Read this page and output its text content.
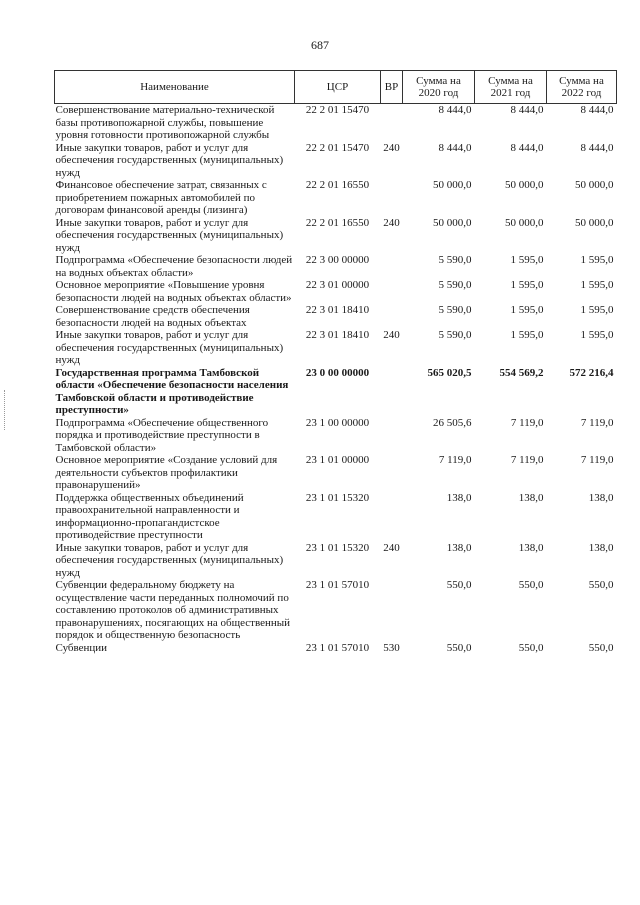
687
Наименование	ЦСР	ВР	Сумма на 2020 год	Сумма на 2021 год	Сумма на 2022 год
Совершенствование материально-технической базы противопожарной службы, повышение уровня готовности противопожарной службы	22 2 01 15470		8 444,0	8 444,0	8 444,0
Иные закупки товаров, работ и услуг для обеспечения государственных (муниципальных) нужд	22 2 01 15470	240	8 444,0	8 444,0	8 444,0
Финансовое обеспечение затрат, связанных с приобретением пожарных автомобилей по договорам финансовой аренды (лизинга)	22 2 01 16550		50 000,0	50 000,0	50 000,0
Иные закупки товаров, работ и услуг для обеспечения государственных (муниципальных) нужд	22 2 01 16550	240	50 000,0	50 000,0	50 000,0
Подпрограмма «Обеспечение безопасности людей на водных объектах области»	22 3 00 00000		5 590,0	1 595,0	1 595,0
Основное мероприятие «Повышение уровня безопасности людей на водных объектах области»	22 3 01 00000		5 590,0	1 595,0	1 595,0
Совершенствование средств обеспечения безопасности людей на водных объектах	22 3 01 18410		5 590,0	1 595,0	1 595,0
Иные закупки товаров, работ и услуг для обеспечения государственных (муниципальных) нужд	22 3 01 18410	240	5 590,0	1 595,0	1 595,0
Государственная программа Тамбовской области «Обеспечение безопасности населения Тамбовской области и противодействие преступности»	23 0 00 00000		565 020,5	554 569,2	572 216,4
Подпрограмма «Обеспечение общественного порядка и противодействие преступности в Тамбовской области»	23 1 00 00000		26 505,6	7 119,0	7 119,0
Основное мероприятие «Создание условий для деятельности субъектов профилактики правонарушений»	23 1 01 00000		7 119,0	7 119,0	7 119,0
Поддержка общественных объединений правоохранительной направленности и информационно-пропагандистское противодействие преступности	23 1 01 15320		138,0	138,0	138,0
Иные закупки товаров, работ и услуг для обеспечения государственных (муниципальных) нужд	23 1 01 15320	240	138,0	138,0	138,0
Субвенции федеральному бюджету на осуществление части переданных полномочий по составлению протоколов об административных правонарушениях, посягающих на общественный порядок и общественную безопасность	23 1 01 57010		550,0	550,0	550,0
Субвенции	23 1 01 57010	530	550,0	550,0	550,0
